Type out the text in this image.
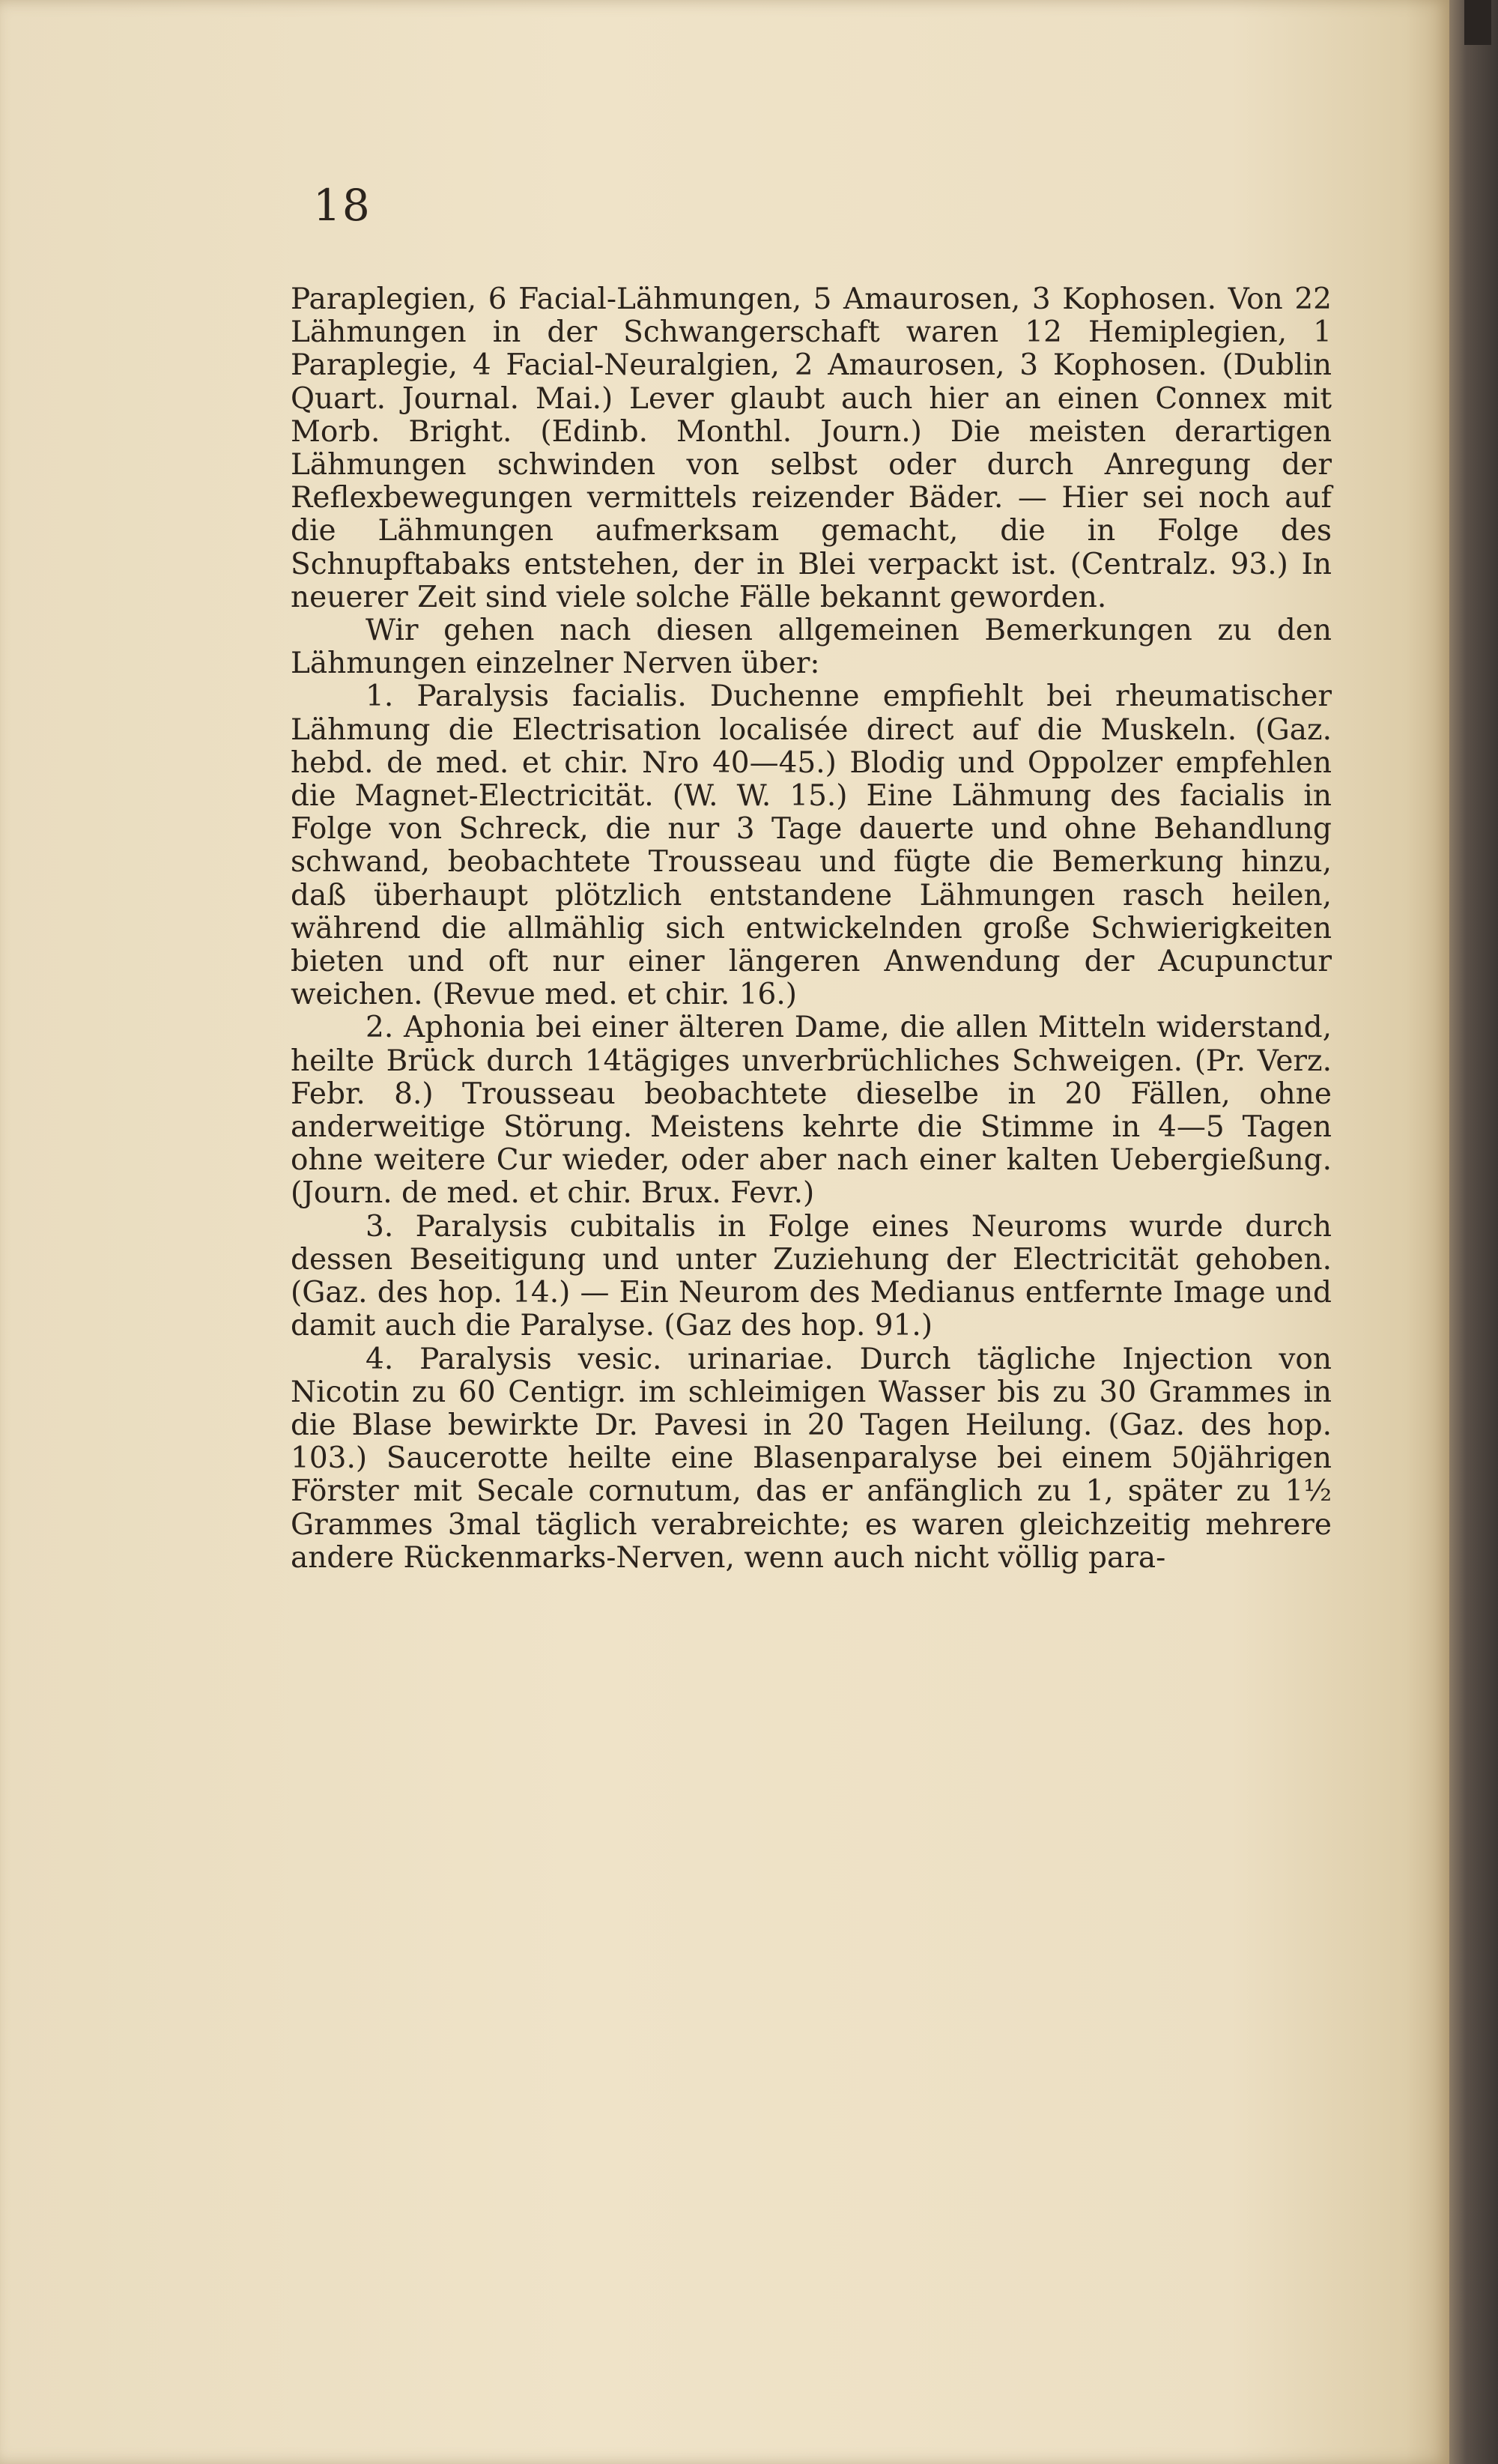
18

Paraplegien, 6 Facial-Lähmungen, 5 Amaurosen, 3 Kophosen. Von 22 Lähmungen in der Schwangerschaft waren 12 Hemiplegien, 1 Paraplegie, 4 Facial-Neuralgien, 2 Amaurosen, 3 Kophosen. (Dublin Quart. Journal. Mai.) Lever glaubt auch hier an einen Connex mit Morb. Bright. (Edinb. Monthl. Journ.) Die meisten derartigen Lähmungen schwinden von selbst oder durch Anregung der Reflexbewegungen vermittels reizender Bäder. — Hier sei noch auf die Lähmungen aufmerksam gemacht, die in Folge des Schnupftabaks entstehen, der in Blei verpackt ist. (Centralz. 93.) In neuerer Zeit sind viele solche Fälle bekannt geworden.

Wir gehen nach diesen allgemeinen Bemerkungen zu den Lähmungen einzelner Nerven über:

1. Paralysis facialis. Duchenne empfiehlt bei rheumatischer Lähmung die Electrisation localisée direct auf die Muskeln. (Gaz. hebd. de med. et chir. Nro 40—45.) Blodig und Oppolzer empfehlen die Magnet-Electricität. (W. W. 15.) Eine Lähmung des facialis in Folge von Schreck, die nur 3 Tage dauerte und ohne Behandlung schwand, beobachtete Trousseau und fügte die Bemerkung hinzu, daß überhaupt plötzlich entstandene Lähmungen rasch heilen, während die allmählig sich entwickelnden große Schwierigkeiten bieten und oft nur einer längeren Anwendung der Acupunctur weichen. (Revue med. et chir. 16.)

2. Aphonia bei einer älteren Dame, die allen Mitteln widerstand, heilte Brück durch 14tägiges unverbrüchliches Schweigen. (Pr. Verz. Febr. 8.) Trousseau beobachtete dieselbe in 20 Fällen, ohne anderweitige Störung. Meistens kehrte die Stimme in 4—5 Tagen ohne weitere Cur wieder, oder aber nach einer kalten Uebergießung. (Journ. de med. et chir. Brux. Fevr.)

3. Paralysis cubitalis in Folge eines Neuroms wurde durch dessen Beseitigung und unter Zuziehung der Electricität gehoben. (Gaz. des hop. 14.) — Ein Neurom des Medianus entfernte Image und damit auch die Paralyse. (Gaz des hop. 91.)

4. Paralysis vesic. urinariae. Durch tägliche Injection von Nicotin zu 60 Centigr. im schleimigen Wasser bis zu 30 Grammes in die Blase bewirkte Dr. Pavesi in 20 Tagen Heilung. (Gaz. des hop. 103.) Saucerotte heilte eine Blasenparalyse bei einem 50jährigen Förster mit Secale cornutum, das er anfänglich zu 1, später zu 1½ Grammes 3mal täglich verabreichte; es waren gleichzeitig mehrere andere Rückenmarks-Nerven, wenn auch nicht völlig para-
